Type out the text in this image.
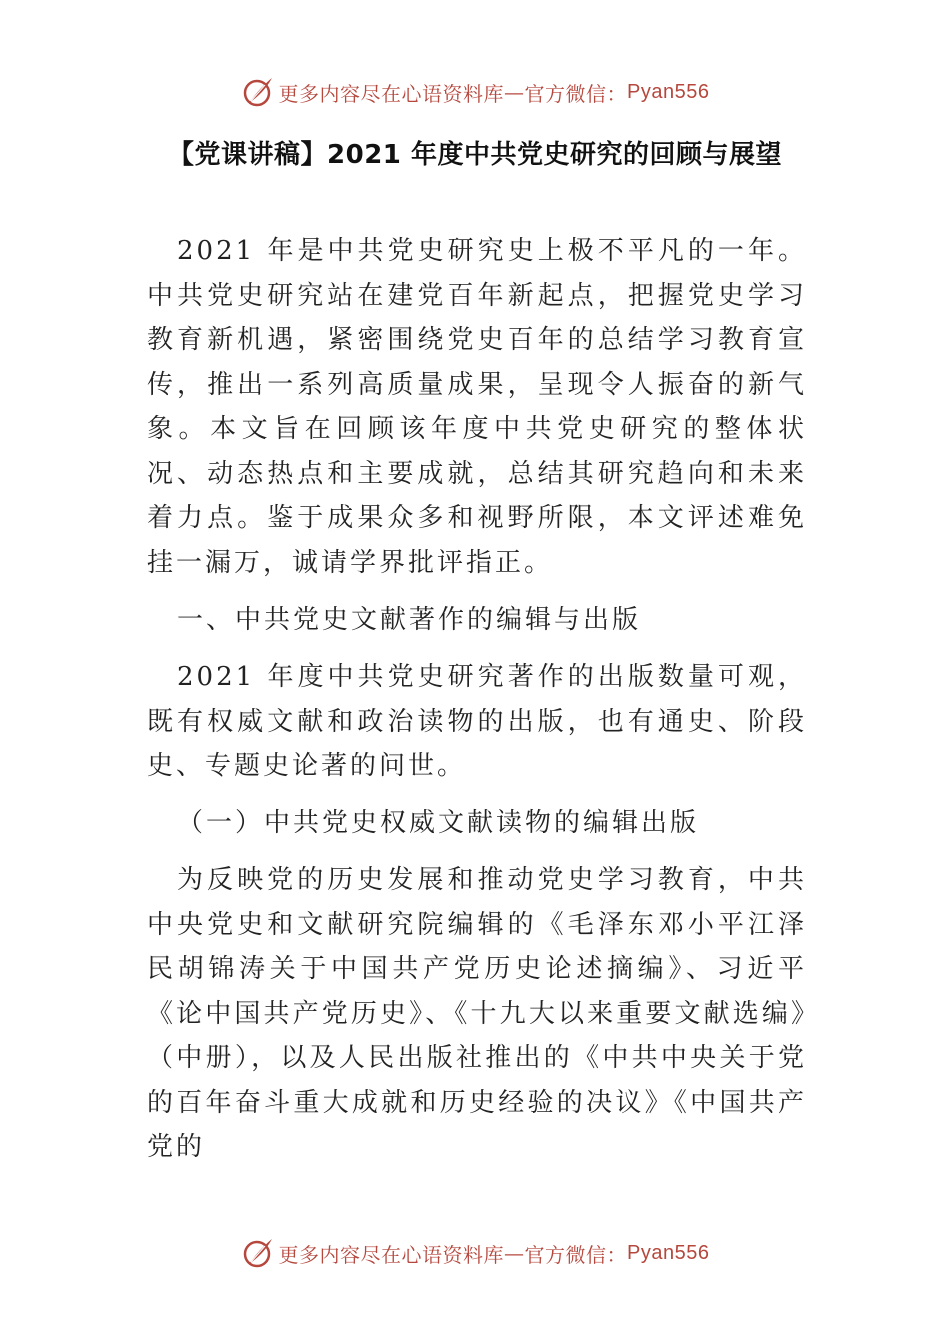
更多内容尽在心语资料库 — 官方微信： Pyan556
【党课讲稿】2021 年度中共党史研究的回顾与展望

2021 年是中共党史研究史上极不平凡的一年。中共党史研究站在建党百年新起点，把握党史学习教育新机遇，紧密围绕党史百年的总结学习教育宣传，推出一系列高质量成果，呈现令人振奋的新气象。本文旨在回顾该年度中共党史研究的整体状况、动态热点和主要成就，总结其研究趋向和未来着力点。鉴于成果众多和视野所限，本文评述难免挂一漏万，诚请学界批评指正。

一、中共党史文献著作的编辑与出版

2021 年度中共党史研究著作的出版数量可观，既有权威文献和政治读物的出版，也有通史、阶段史、专题史论著的问世。

（一）中共党史权威文献读物的编辑出版

为反映党的历史发展和推动党史学习教育，中共中央党史和文献研究院编辑的《毛泽东邓小平江泽民胡锦涛关于中国共产党历史论述摘编》、习近平《论中国共产党历史》、《十九大以来重要文献选编》（中册），以及人民出版社推出的《中共中央关于党的百年奋斗重大成就和历史经验的决议》《中国共产党的

更多内容尽在心语资料库 — 官方微信： Pyan556
